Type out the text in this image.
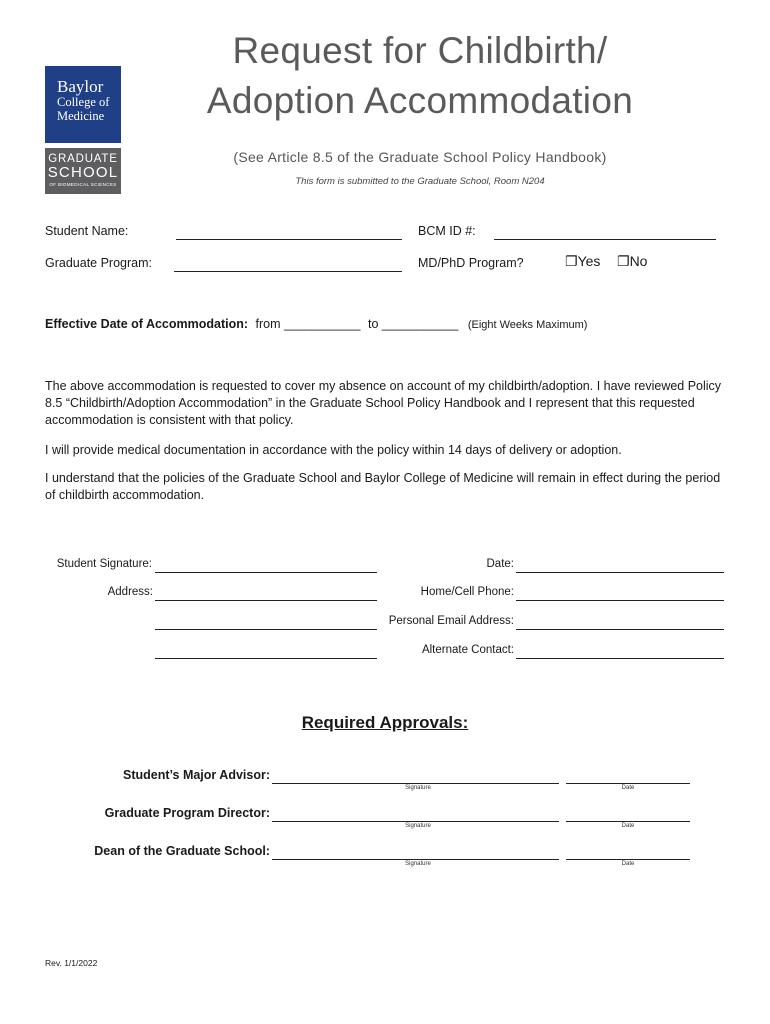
Baylor
College of
Medicine
GRADUATE
SCHOOL
OF BIOMEDICAL SCIENCES
Request for Childbirth/
Adoption Accommodation
(See Article 8.5 of the Graduate School Policy Handbook)
This form is submitted to the Graduate School, Room N204
Student Name:	BCM ID #:
Graduate Program:	MD/PhD Program?	❐Yes ❐No
Effective Date of Accommodation: from ___________ to ___________ (Eight Weeks Maximum)
The above accommodation is requested to cover my absence on account of my childbirth/adoption. I have reviewed Policy 8.5 “Childbirth/Adoption Accommodation” in the Graduate School Policy Handbook and I represent that this requested accommodation is consistent with that policy.
I will provide medical documentation in accordance with the policy within 14 days of delivery or adoption.
I understand that the policies of the Graduate School and Baylor College of Medicine will remain in effect during the period of childbirth accommodation.
Student Signature:	Date:
Address:	Home/Cell Phone:
Personal Email Address:
Alternate Contact:
Required Approvals:
Student’s Major Advisor:
Signature	Date
Graduate Program Director:
Signature	Date
Dean of the Graduate School:
Signature	Date
Rev. 1/1/2022
